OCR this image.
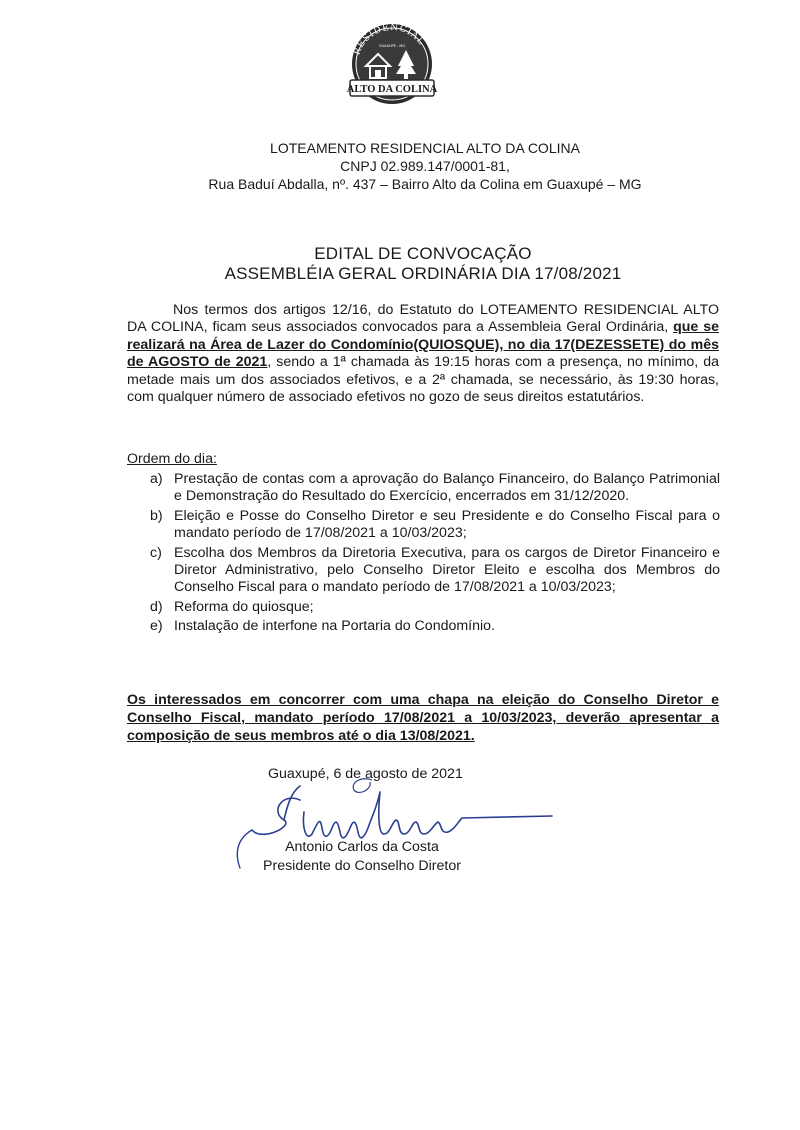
RESIDENCIAL
GUAXUPÉ - MG
ALTO DA COLINA
LOTEAMENTO RESIDENCIAL ALTO DA COLINA
CNPJ 02.989.147/0001-81,
Rua Baduí Abdalla, nº. 437 – Bairro Alto da Colina em Guaxupé – MG
EDITAL DE CONVOCAÇÃO
ASSEMBLÉIA GERAL ORDINÁRIA DIA 17/08/2021

Nos termos dos artigos 12/16, do Estatuto do LOTEAMENTO RESIDENCIAL ALTO DA COLINA, ficam seus associados convocados para a Assembleia Geral Ordinária, que se realizará na Área de Lazer do Condomínio(QUIOSQUE), no dia 17(DEZESSETE) do mês de AGOSTO de 2021, sendo a 1ª chamada às 19:15 horas com a presença, no mínimo, da metade mais um dos associados efetivos, e a 2ª chamada, se necessário, às 19:30 horas, com qualquer número de associado efetivos no gozo de seus direitos estatutários.

Ordem do dia:
a) Prestação de contas com a aprovação do Balanço Financeiro, do Balanço Patrimonial e Demonstração do Resultado do Exercício, encerrados em 31/12/2020.
b) Eleição e Posse do Conselho Diretor e seu Presidente e do Conselho Fiscal para o mandato período de 17/08/2021 a 10/03/2023;
c) Escolha dos Membros da Diretoria Executiva, para os cargos de Diretor Financeiro e Diretor Administrativo, pelo Conselho Diretor Eleito e escolha dos Membros do Conselho Fiscal para o mandato período de 17/08/2021 a 10/03/2023;
d) Reforma do quiosque;
e) Instalação de interfone na Portaria do Condomínio.
Os interessados em concorrer com uma chapa na eleição do Conselho Diretor e Conselho Fiscal, mandato período 17/08/2021 a 10/03/2023, deverão apresentar a composição de seus membros até o dia 13/08/2021.
Guaxupé, 6 de agosto de 2021
Antonio Carlos da Costa
Presidente do Conselho Diretor
